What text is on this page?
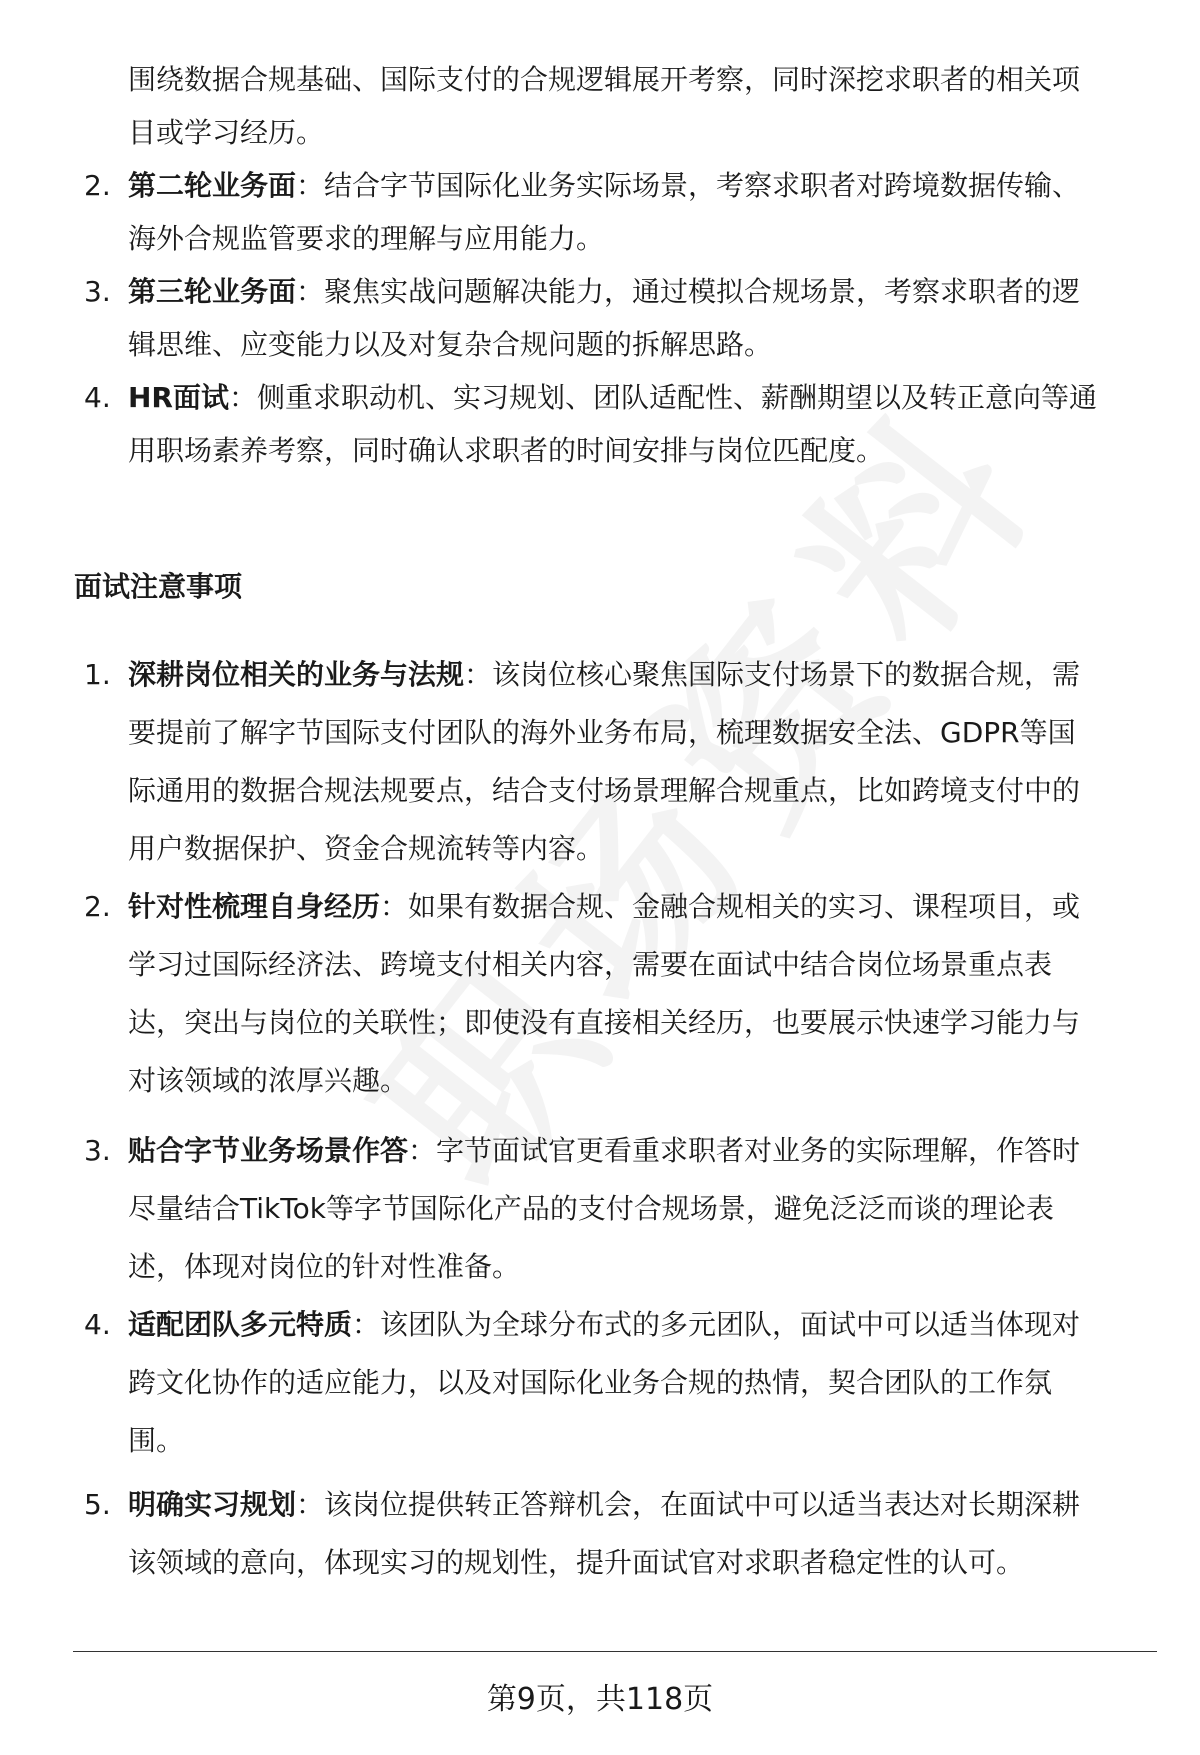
围绕数据合规基础、国际支付的合规逻辑展开考察，同时深挖求职者的相关项
目或学习经历。
2. 第二轮业务面：结合字节国际化业务实际场景，考察求职者对跨境数据传输、
海外合规监管要求的理解与应用能力。
3. 第三轮业务面：聚焦实战问题解决能力，通过模拟合规场景，考察求职者的逻
辑思维、应变能力以及对复杂合规问题的拆解思路。
4. HR面试：侧重求职动机、实习规划、团队适配性、薪酬期望以及转正意向等通
用职场素养考察，同时确认求职者的时间安排与岗位匹配度。
面试注意事项
1. 深耕岗位相关的业务与法规：该岗位核心聚焦国际支付场景下的数据合规，需
要提前了解字节国际支付团队的海外业务布局，梳理数据安全法、GDPR等国
际通用的数据合规法规要点，结合支付场景理解合规重点，比如跨境支付中的
用户数据保护、资金合规流转等内容。
2. 针对性梳理自身经历：如果有数据合规、金融合规相关的实习、课程项目，或
学习过国际经济法、跨境支付相关内容，需要在面试中结合岗位场景重点表
达，突出与岗位的关联性；即使没有直接相关经历，也要展示快速学习能力与
对该领域的浓厚兴趣。
3. 贴合字节业务场景作答：字节面试官更看重求职者对业务的实际理解，作答时
尽量结合TikTok等字节国际化产品的支付合规场景，避免泛泛而谈的理论表
述，体现对岗位的针对性准备。
4. 适配团队多元特质：该团队为全球分布式的多元团队，面试中可以适当体现对
跨文化协作的适应能力，以及对国际化业务合规的热情，契合团队的工作氛
围。
5. 明确实习规划：该岗位提供转正答辩机会，在面试中可以适当表达对长期深耕
该领域的意向，体现实习的规划性，提升面试官对求职者稳定性的认可。
第9页，共118页
